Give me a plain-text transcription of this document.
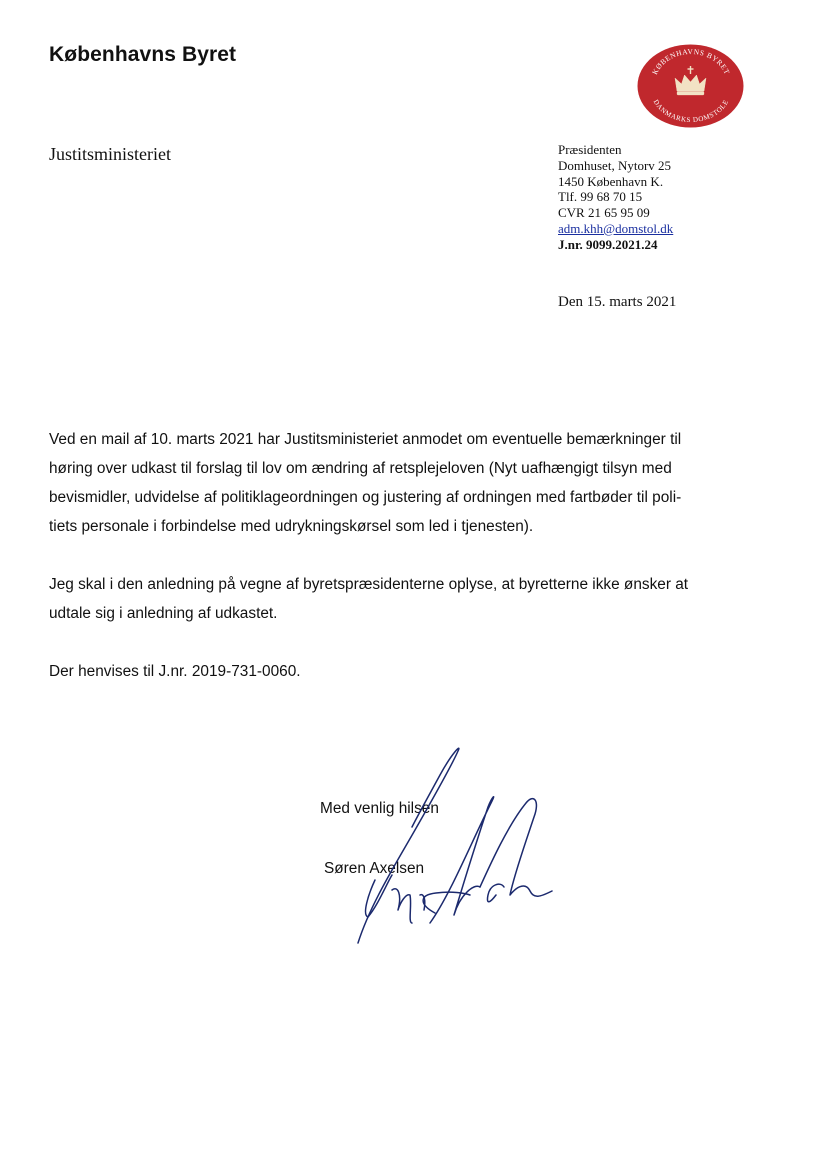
Københavns Byret
KØBENHAVNS BYRET
DANMARKS DOMSTOLE
Justitsministeriet	Præsidenten
Domhuset, Nytorv 25
1450 København K.
Tlf. 99 68 70 15
CVR 21 65 95 09
adm.khh@domstol.dk
J.nr. 9099.2021.24
Den 15. marts 2021

Ved en mail af 10. marts 2021 har Justitsministeriet anmodet om eventuelle bemærkninger til
høring over udkast til forslag til lov om ændring af retsplejeloven (Nyt uafhængigt tilsyn med
bevismidler, udvidelse af politiklageordningen og justering af ordningen med fartbøder til poli-
tiets personale i forbindelse med udrykningskørsel som led i tjenesten).

Jeg skal i den anledning på vegne af byretspræsidenterne oplyse, at byretterne ikke ønsker at
udtale sig i anledning af udkastet.

Der henvises til J.nr. 2019-731-0060.

Med venlig hilsen
Søren Axelsen
